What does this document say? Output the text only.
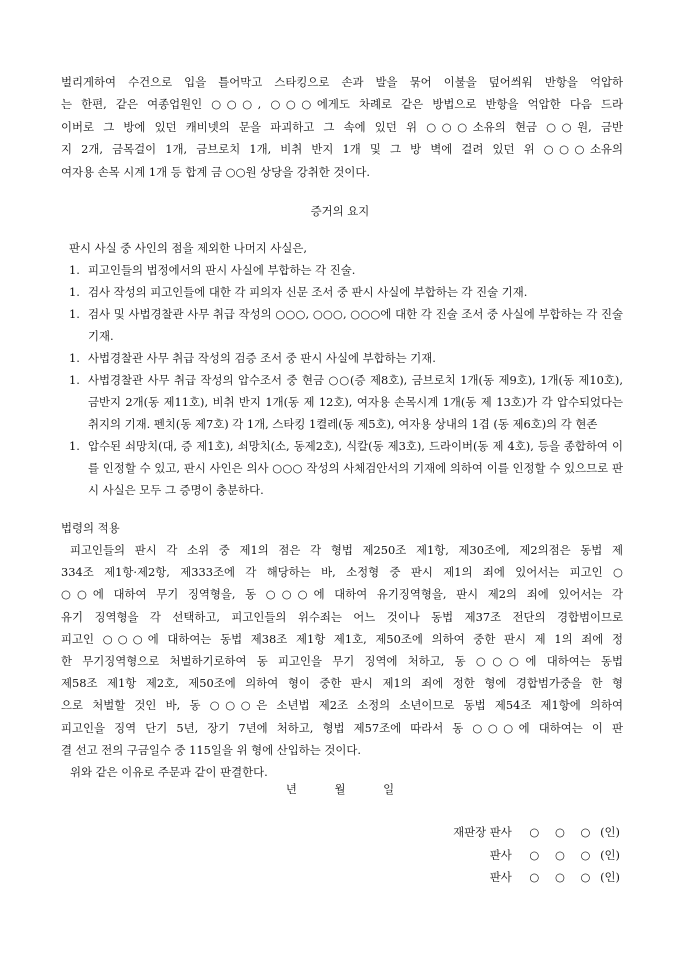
벌리게하여 수건으로 입을 틀어막고 스타킹으로 손과 발을 묶어 이불을 덮어씌워 반항을 억압하
는 한편, 같은 여종업원인 ○○○, ○○○에게도 차례로 같은 방법으로 반항을 억압한 다음 드라
이버로 그 방에 있던 캐비넷의 문을 파괴하고 그 속에 있던 위 ○○○소유의 현금 ○○원, 금반
지 2개, 금목걸이 1개, 금브로치 1개, 비취 반지 1개 및 그 방 벽에 걸려 있던 위 ○○○소유의
여자용 손목 시계 1개 등 합계 금 ○○원 상당을 강취한 것이다.
증거의 요지
판시 사실 중 사인의 점을 제외한 나머지 사실은,
1. 피고인들의 법정에서의 판시 사실에 부합하는 각 진술.
1. 검사 작성의 피고인들에 대한 각 피의자 신문 조서 중 판시 사실에 부합하는 각 진술 기재.
1. 검사 및 사법경찰관 사무 취급 작성의 ○○○, ○○○, ○○○에 대한 각 진술 조서 중 사실에 부합하는 각 진술 기재.
1. 사법경찰관 사무 취급 작성의 검증 조서 중 판시 사실에 부합하는 기재.
1. 사법경찰관 사무 취급 작성의 압수조서 중 현금 ○○(증 제8호), 금브로치 1개(동 제9호), 1개(동 제10호), 금반지 2개(동 제11호), 비취 반지 1개(동 제 12호), 여자용 손목시계 1개(동 제 13호)가 각 압수되었다는 취지의 기재. 펜치(동 제7호) 각 1개, 스타킹 1켤레(동 제5호), 여자용 상내의 1겹 (동 제6호)의 각 현존
1. 압수된 쇠망치(대, 증 제1호), 쇠망치(소, 동제2호), 식칼(동 제3호), 드라이버(동 제 4호), 등을 종합하여 이를 인정할 수 있고, 판시 사인은 의사 ○○○ 작성의 사체검안서의 기재에 의하여 이를 인정할 수 있으므로 판시 사실은 모두 그 증명이 충분하다.
법령의 적용
피고인들의 판시 각 소위 중 제1의 점은 각 형법 제250조 제1항, 제30조에, 제2의점은 동법 제
334조 제1항·제2항, 제333조에 각 해당하는 바, 소정형 중 판시 제1의 죄에 있어서는 피고인 ○
○○에 대하여 무기 징역형을, 동 ○○○에 대하여 유기징역형을, 판시 제2의 죄에 있어서는 각
유기 징역형을 각 선택하고, 피고인들의 위수죄는 어느 것이나 동법 제37조 전단의 경합범이므로
피고인 ○○○에 대하여는 동법 제38조 제1항 제1호, 제50조에 의하여 중한 판시 제 1의 죄에 정
한 무기징역형으로 처벌하기로하여 동 피고인을 무기 징역에 처하고, 동 ○○○에 대하여는 동법
제58조 제1항 제2호, 제50조에 의하여 형이 중한 판시 제1의 죄에 정한 형에 경합범가중을 한 형
으로 처벌할 것인 바, 동 ○○○은 소년법 제2조 소정의 소년이므로 동법 제54조 제1항에 의하여
피고인을 징역 단기 5년, 장기 7년에 처하고, 형법 제57조에 따라서 동 ○○○에 대하여는 이 판
결 선고 전의 구금일수 중 115일을 위 형에 산입하는 것이다.
위와 같은 이유로 주문과 같이 판결한다.
년	월	일
재판장 판사 ○ ○ ○ (인)
판사 ○ ○ ○ (인)
판사 ○ ○ ○ (인)
